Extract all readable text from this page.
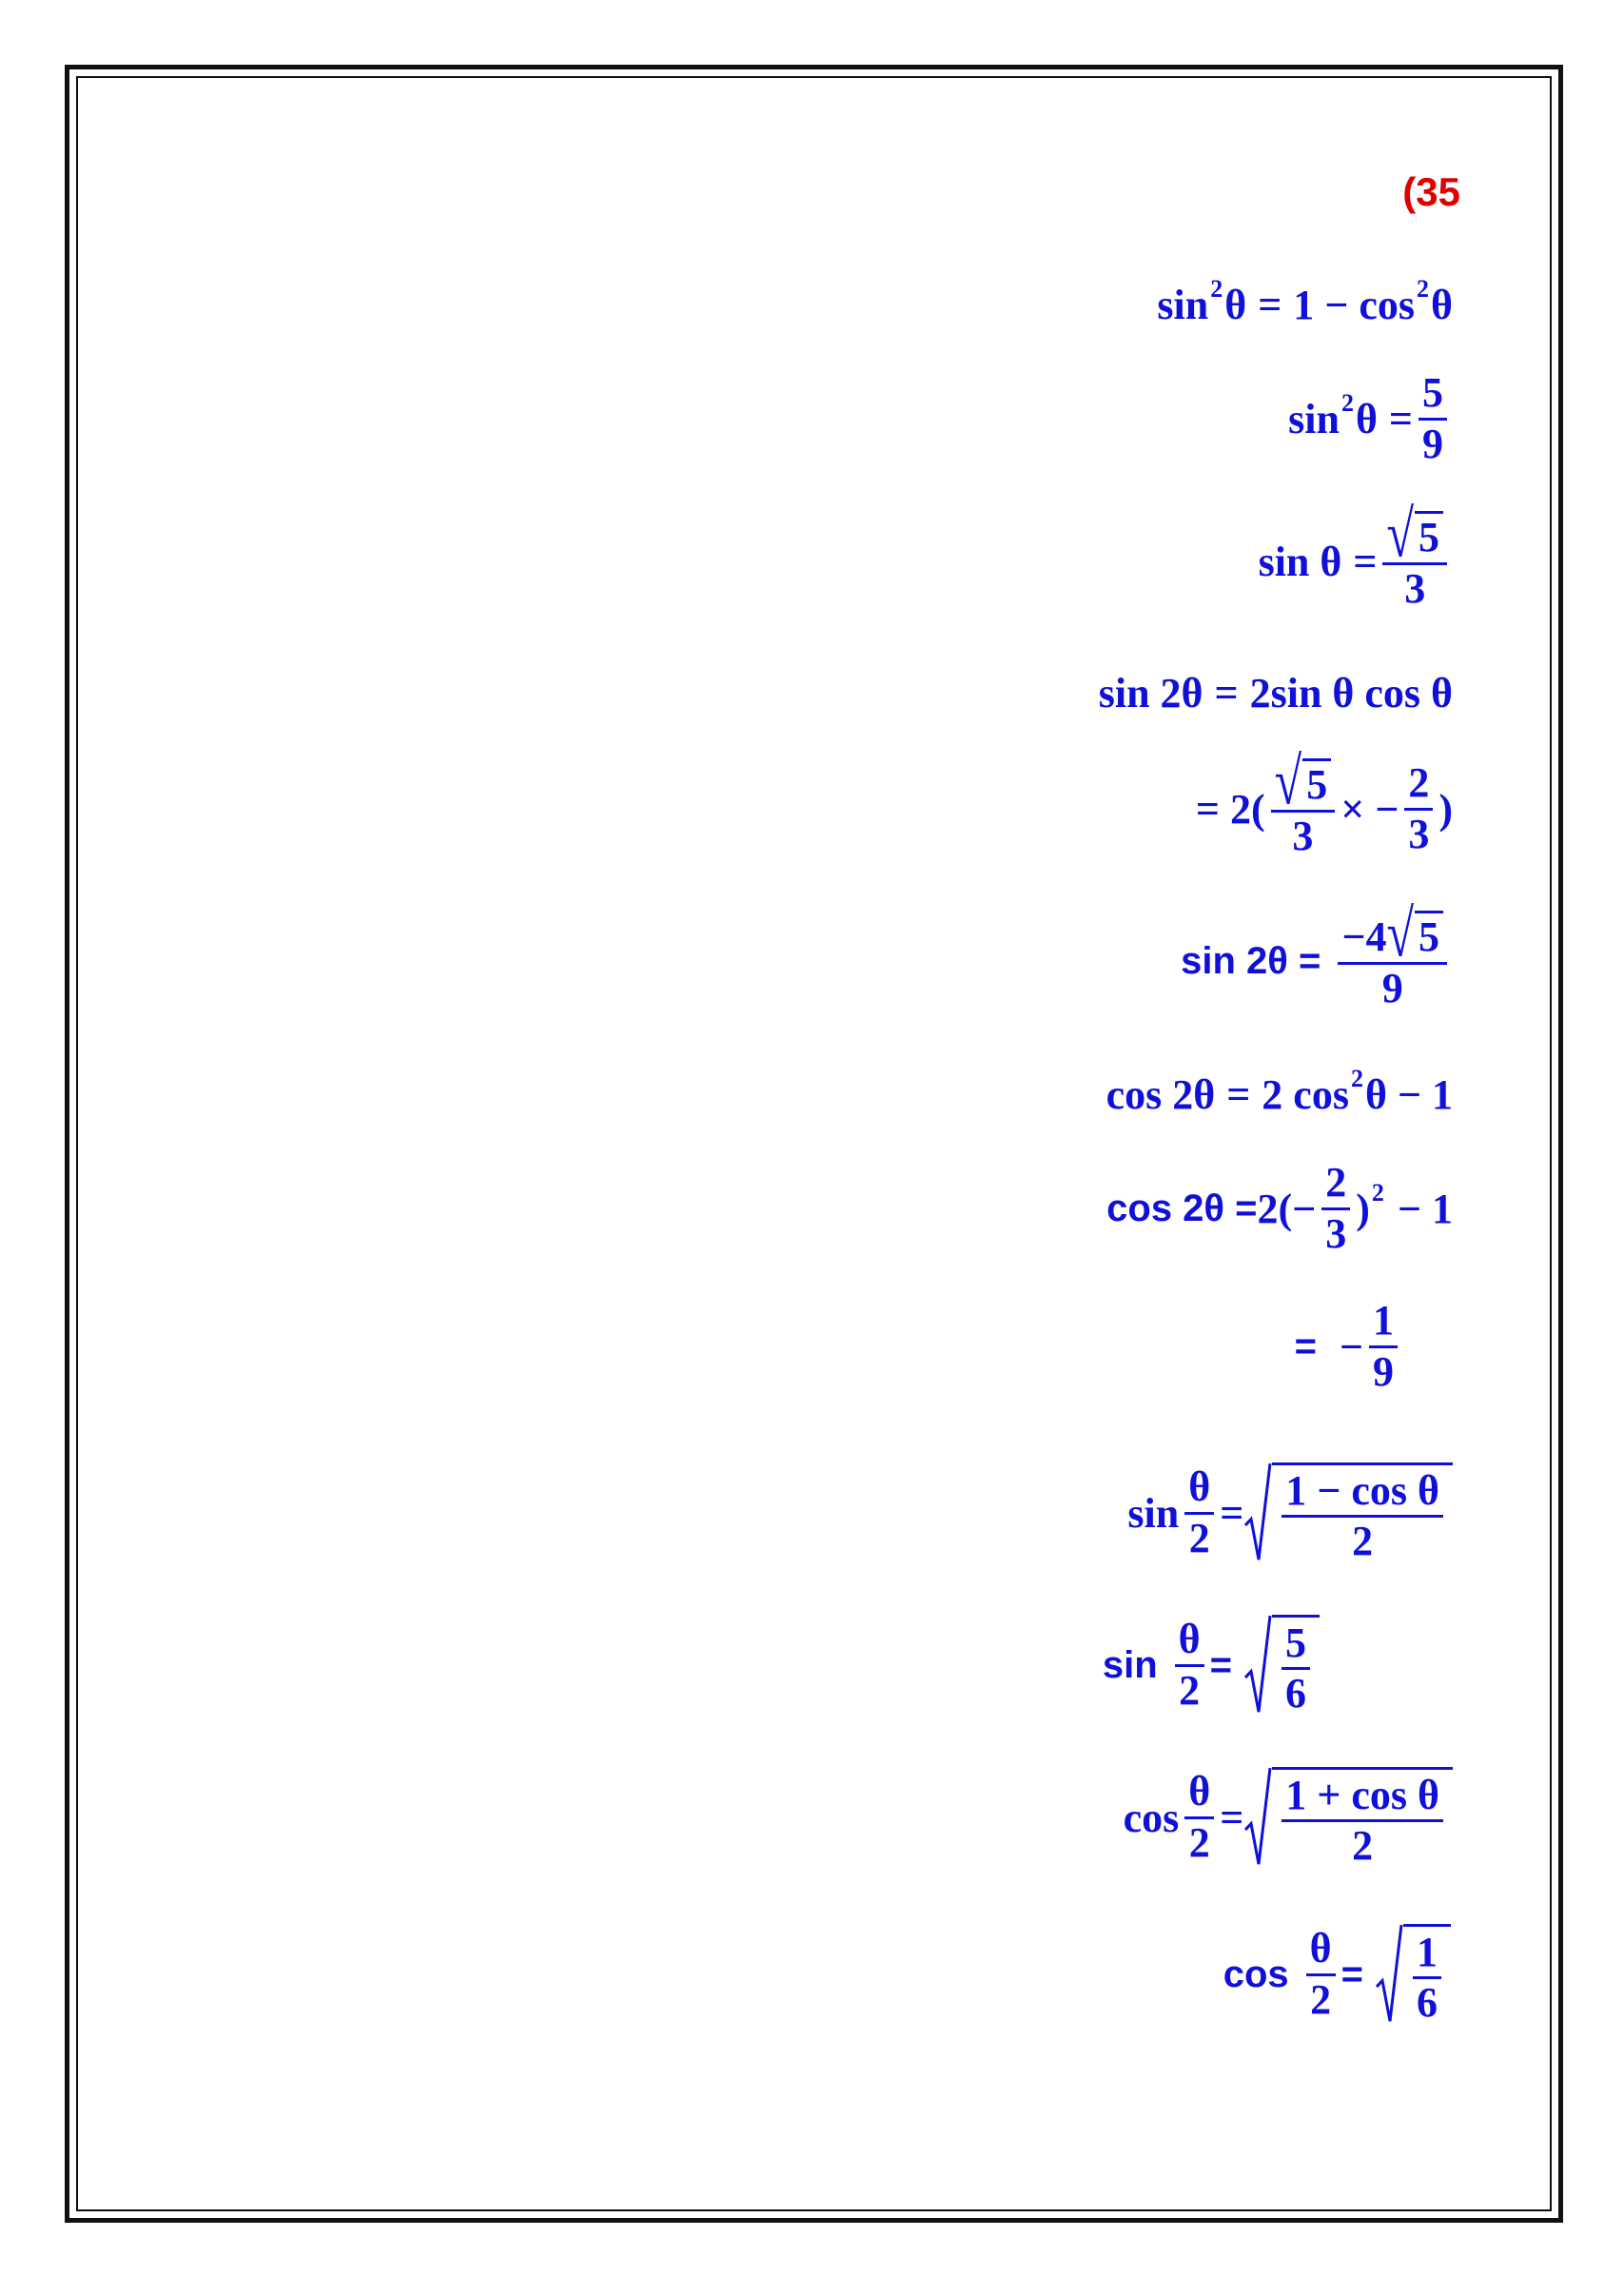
(35
sin 2 θ = 1 − cos 2 θ
sin 2 $\theta = \frac{5}{9}$
$\sin \theta = \frac{√ 5}{3}$
sin 2θ = 2sin θ cos θ
= $2( \frac{√ 5}{3}$ × − $\frac{2}{3}$ )
$\sin 2\theta = \frac{-4 √ 5}{9}$
cos 2θ = 2 cos 2 θ − 1
$\cos 2\theta = 2(- \frac{2}{3}$ ) 2 − 1
= − $\frac{1}{9}$
$\sin \frac{\theta}{2} = \frac{\text{1 − cos θ}}{2}$
$\sin \frac{\theta}{2} = \frac{5}{6}$
$\cos \frac{\theta}{2} = \frac{\text{1 + cos θ}}{2}$
$\cos \frac{\theta}{2} = \frac{1}{6}$
